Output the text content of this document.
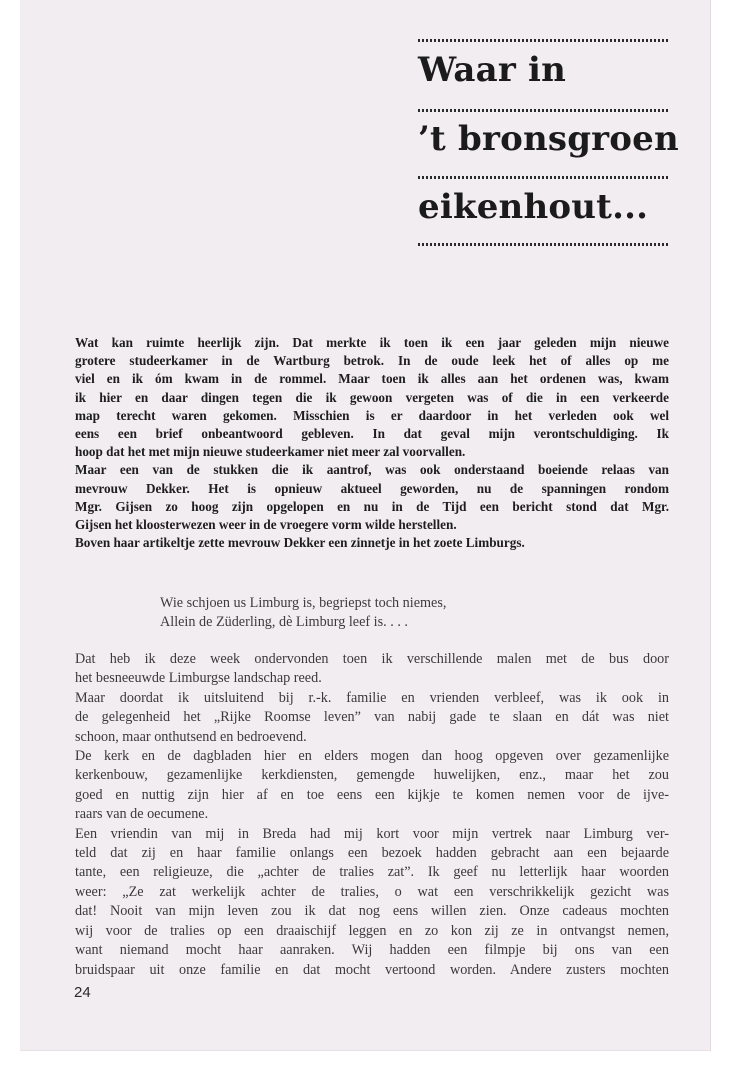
Waar in
’t bronsgroen
eikenhout...
Wat kan ruimte heerlijk zijn. Dat merkte ik toen ik een jaar geleden mijn nieuwe
grotere studeerkamer in de Wartburg betrok. In de oude leek het of alles op me
viel en ik óm kwam in de rommel. Maar toen ik alles aan het ordenen was, kwam
ik hier en daar dingen tegen die ik gewoon vergeten was of die in een verkeerde
map terecht waren gekomen. Misschien is er daardoor in het verleden ook wel
eens een brief onbeantwoord gebleven. In dat geval mijn verontschuldiging. Ik
hoop dat het met mijn nieuwe studeerkamer niet meer zal voorvallen.
Maar een van de stukken die ik aantrof, was ook onderstaand boeiende relaas van
mevrouw Dekker. Het is opnieuw aktueel geworden, nu de spanningen rondom
Mgr. Gijsen zo hoog zijn opgelopen en nu in de Tijd een bericht stond dat Mgr.
Gijsen het kloosterwezen weer in de vroegere vorm wilde herstellen.
Boven haar artikeltje zette mevrouw Dekker een zinnetje in het zoete Limburgs.
Wie schjoen us Limburg is, begriepst toch niemes,
Allein de Züderling, dè Limburg leef is. . . .
Dat heb ik deze week ondervonden toen ik verschillende malen met de bus door
het besneeuwde Limburgse landschap reed.
Maar doordat ik uitsluitend bij r.-k. familie en vrienden verbleef, was ik ook in
de gelegenheid het „Rijke Roomse leven” van nabij gade te slaan en dát was niet
schoon, maar onthutsend en bedroevend.
De kerk en de dagbladen hier en elders mogen dan hoog opgeven over gezamenlijke
kerkenbouw, gezamenlijke kerkdiensten, gemengde huwelijken, enz., maar het zou
goed en nuttig zijn hier af en toe eens een kijkje te komen nemen voor de ijve-
raars van de oecumene.
Een vriendin van mij in Breda had mij kort voor mijn vertrek naar Limburg ver-
teld dat zij en haar familie onlangs een bezoek hadden gebracht aan een bejaarde
tante, een religieuze, die „achter de tralies zat”. Ik geef nu letterlijk haar woorden
weer: „Ze zat werkelijk achter de tralies, o wat een verschrikkelijk gezicht was
dat! Nooit van mijn leven zou ik dat nog eens willen zien. Onze cadeaus mochten
wij voor de tralies op een draaischijf leggen en zo kon zij ze in ontvangst nemen,
want niemand mocht haar aanraken. Wij hadden een filmpje bij ons van een
bruidspaar uit onze familie en dat mocht vertoond worden. Andere zusters mochten
24
